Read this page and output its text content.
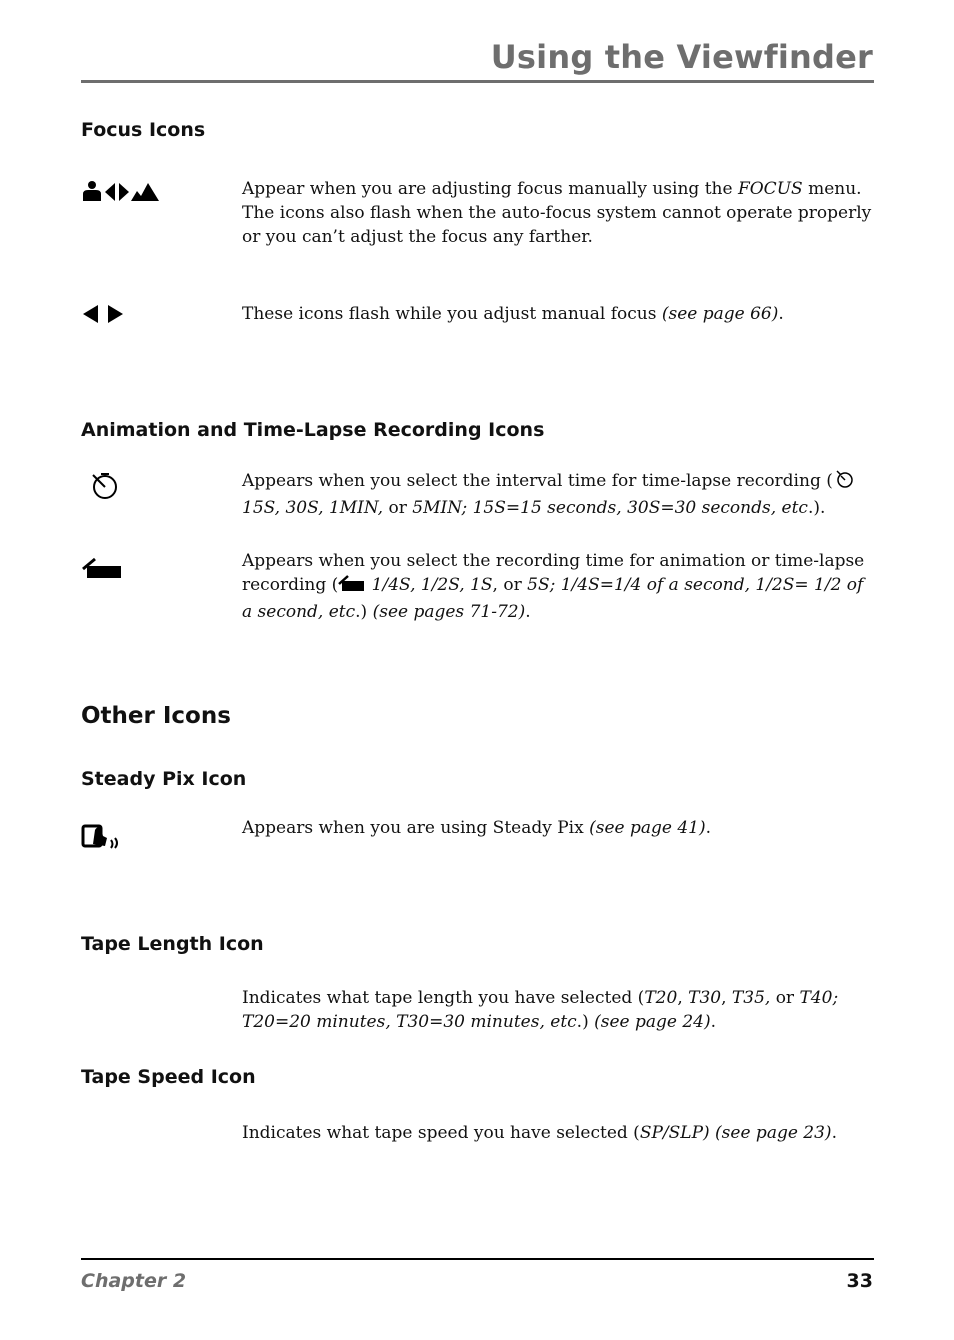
Using the Viewfinder
Focus Icons

Appear when you are adjusting focus manually using the FOCUS menu. The icons also flash when the auto-focus system cannot operate properly or you can’t adjust the focus any farther.

These icons flash while you adjust manual focus (see page 66).

Animation and Time-Lapse Recording Icons

Appears when you select the interval time for time-lapse recording (
15S, 30S, 1MIN, or 5MIN; 15S=15 seconds, 30S=30 seconds, etc.).

Appears when you select the recording time for animation or time-lapse recording ( 1/4S, 1/2S, 1S, or 5S; 1/4S=1/4 of a second, 1/2S= 1/2 of a second, etc.) (see pages 71-72).

Other Icons
Steady Pix Icon

Appears when you are using Steady Pix (see page 41).

Tape Length Icon

Indicates what tape length you have selected (T20, T30, T35, or T40; T20=20 minutes, T30=30 minutes, etc.) (see page 24).

Tape Speed Icon

Indicates what tape speed you have selected (SP/SLP) (see page 23).

Chapter 2	33
